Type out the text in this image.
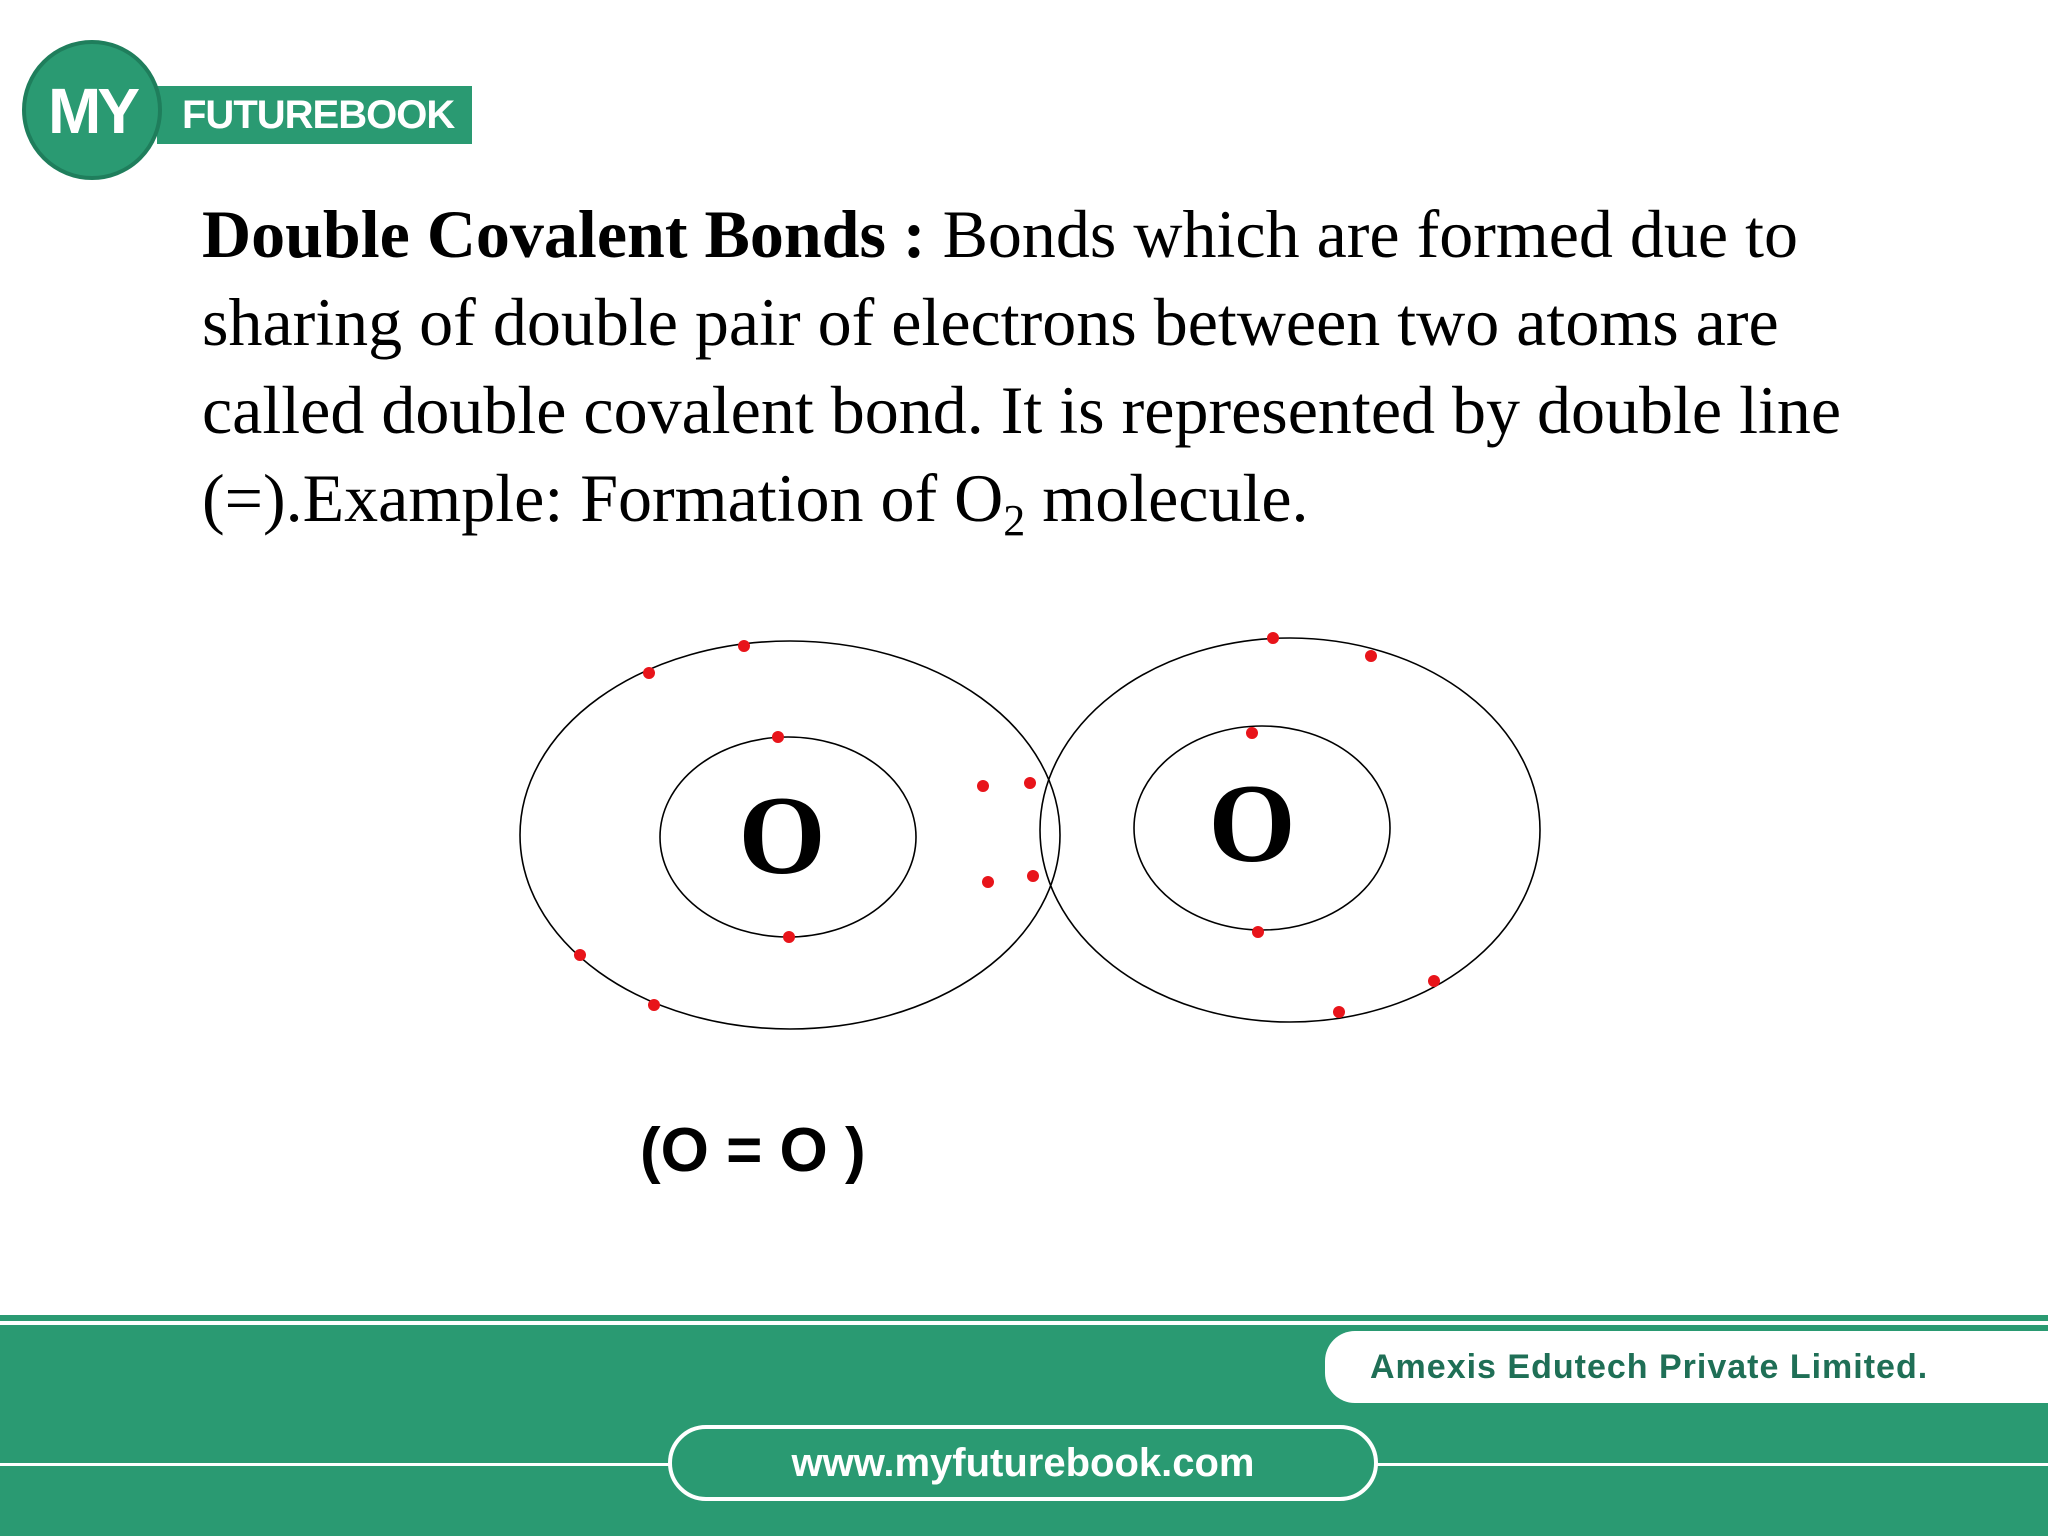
MY	FUTUREBOOK
Double Covalent Bonds : Bonds which are formed due to sharing of double pair of electrons between two atoms are called double covalent bond. It is represented by double line (=).Example: Formation of $O_2$ molecule.
O	O
(O = O )
Amexis Edutech Private Limited.
www.myfuturebook.com
